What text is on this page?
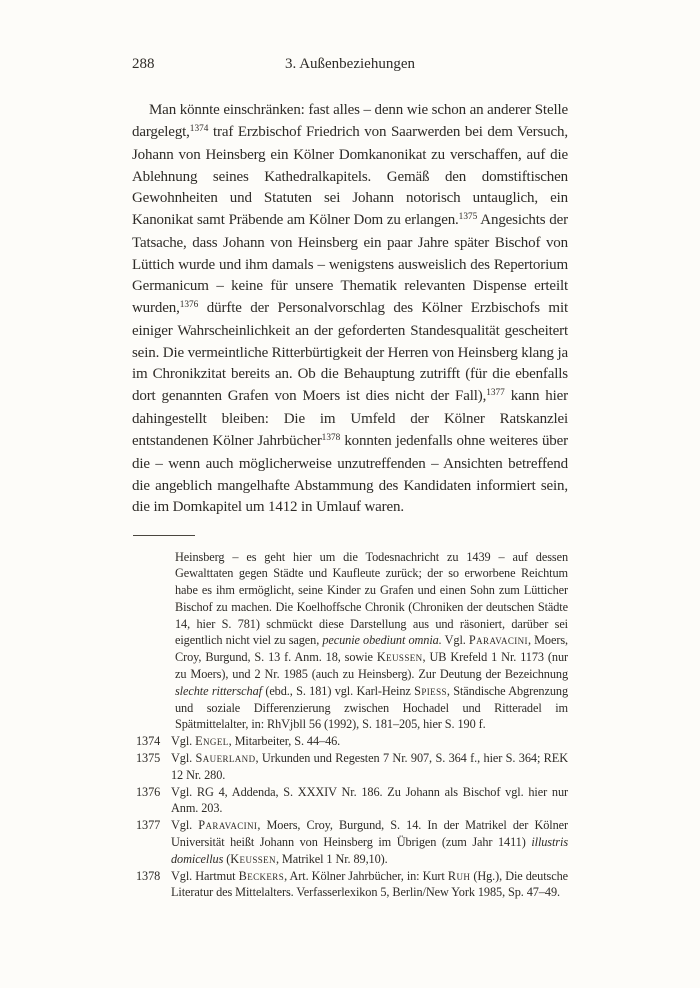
288	3. Außenbeziehungen

Man könnte einschränken: fast alles – denn wie schon an anderer Stelle dargelegt,$^{1374}$ traf Erzbischof Friedrich von Saarwerden bei dem Versuch, Johann von Heinsberg ein Kölner Domkanonikat zu verschaffen, auf die Ablehnung seines Kathedralkapitels. Gemäß den domstiftischen Gewohnheiten und Statuten sei Johann notorisch untauglich, ein Kanonikat samt Präbende am Kölner Dom zu erlangen.$^{1375}$ Angesichts der Tatsache, dass Johann von Heinsberg ein paar Jahre später Bischof von Lüttich wurde und ihm damals – wenigstens ausweislich des Repertorium Germanicum – keine für unsere Thematik relevanten Dispense erteilt wurden,$^{1376}$ dürfte der Personalvorschlag des Kölner Erzbischofs mit einiger Wahrscheinlichkeit an der geforderten Standesqualität gescheitert sein. Die vermeintliche Ritterbürtigkeit der Herren von Heinsberg klang ja im Chronikzitat bereits an. Ob die Behauptung zutrifft (für die ebenfalls dort genannten Grafen von Moers ist dies nicht der Fall),$^{1377}$ kann hier dahingestellt bleiben: Die im Umfeld der Kölner Ratskanzlei entstandenen Kölner Jahrbücher$^{1378}$ konnten jedenfalls ohne weiteres über die – wenn auch möglicherweise unzutreffenden – Ansichten betreffend die angeblich mangelhafte Abstammung des Kandidaten informiert sein, die im Domkapitel um 1412 in Umlauf waren.

Heinsberg – es geht hier um die Todesnachricht zu 1439 – auf dessen Gewalttaten gegen Städte und Kaufleute zurück; der so erworbene Reichtum habe es ihm ermöglicht, seine Kinder zu Grafen und einen Sohn zum Lütticher Bischof zu machen. Die Koelhoffsche Chronik (Chroniken der deutschen Städte 14, hier S. 781) schmückt diese Darstellung aus und räsoniert, darüber sei eigentlich nicht viel zu sagen, pecunie obediunt omnia. Vgl. Paravacini, Moers, Croy, Burgund, S. 13 f. Anm. 18, sowie Keussen, UB Krefeld 1 Nr. 1173 (nur zu Moers), und 2 Nr. 1985 (auch zu Heinsberg). Zur Deutung der Bezeichnung slechte ritterschaf (ebd., S. 181) vgl. Karl-Heinz Spiess, Ständische Abgrenzung und soziale Differenzierung zwischen Hochadel und Ritteradel im Spätmittelalter, in: RhVjbll 56 (1992), S. 181–205, hier S. 190 f.
1374 Vgl. Engel, Mitarbeiter, S. 44–46.
1375 Vgl. Sauerland, Urkunden und Regesten 7 Nr. 907, S. 364 f., hier S. 364; REK 12 Nr. 280.
1376 Vgl. RG 4, Addenda, S. XXXIV Nr. 186. Zu Johann als Bischof vgl. hier nur Anm. 203.
1377 Vgl. Paravacini, Moers, Croy, Burgund, S. 14. In der Matrikel der Kölner Universität heißt Johann von Heinsberg im Übrigen (zum Jahr 1411) illustris domicellus (Keussen, Matrikel 1 Nr. 89,10).
1378 Vgl. Hartmut Beckers, Art. Kölner Jahrbücher, in: Kurt Ruh (Hg.), Die deutsche Literatur des Mittelalters. Verfasserlexikon 5, Berlin/New York 1985, Sp. 47–49.
